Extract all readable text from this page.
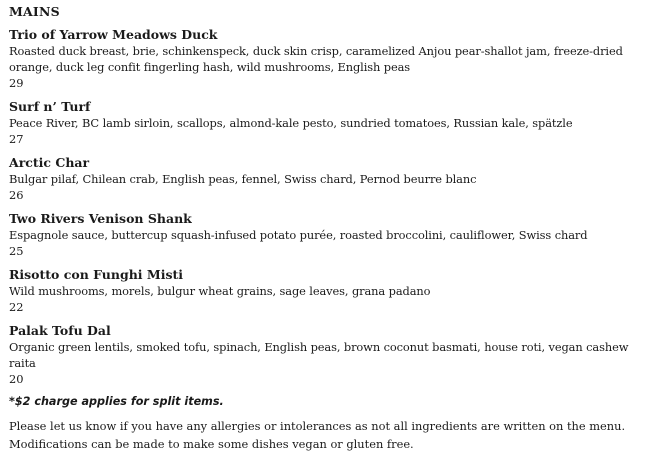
MAINS
Trio of Yarrow Meadows Duck
Roasted duck breast, brie, schinkenspeck, duck skin crisp, caramelized Anjou pear-shallot jam, freeze-dried orange, duck leg confit fingerling hash, wild mushrooms, English peas
29
Surf n’ Turf
Peace River, BC lamb sirloin, scallops, almond-kale pesto, sundried tomatoes, Russian kale, spätzle
27
Arctic Char
Bulgar pilaf, Chilean crab, English peas, fennel, Swiss chard, Pernod beurre blanc
26
Two Rivers Venison Shank
Espagnole sauce, buttercup squash-infused potato purée, roasted broccolini, cauliflower, Swiss chard
25
Risotto con Funghi Misti
Wild mushrooms, morels, bulgur wheat grains, sage leaves, grana padano
22
Palak Tofu Dal
Organic green lentils, smoked tofu, spinach, English peas, brown coconut basmati, house roti, vegan cashew raita
20
*$2 charge applies for split items.
Please let us know if you have any allergies or intolerances as not all ingredients are written on the menu. Modifications can be made to make some dishes vegan or gluten free.
